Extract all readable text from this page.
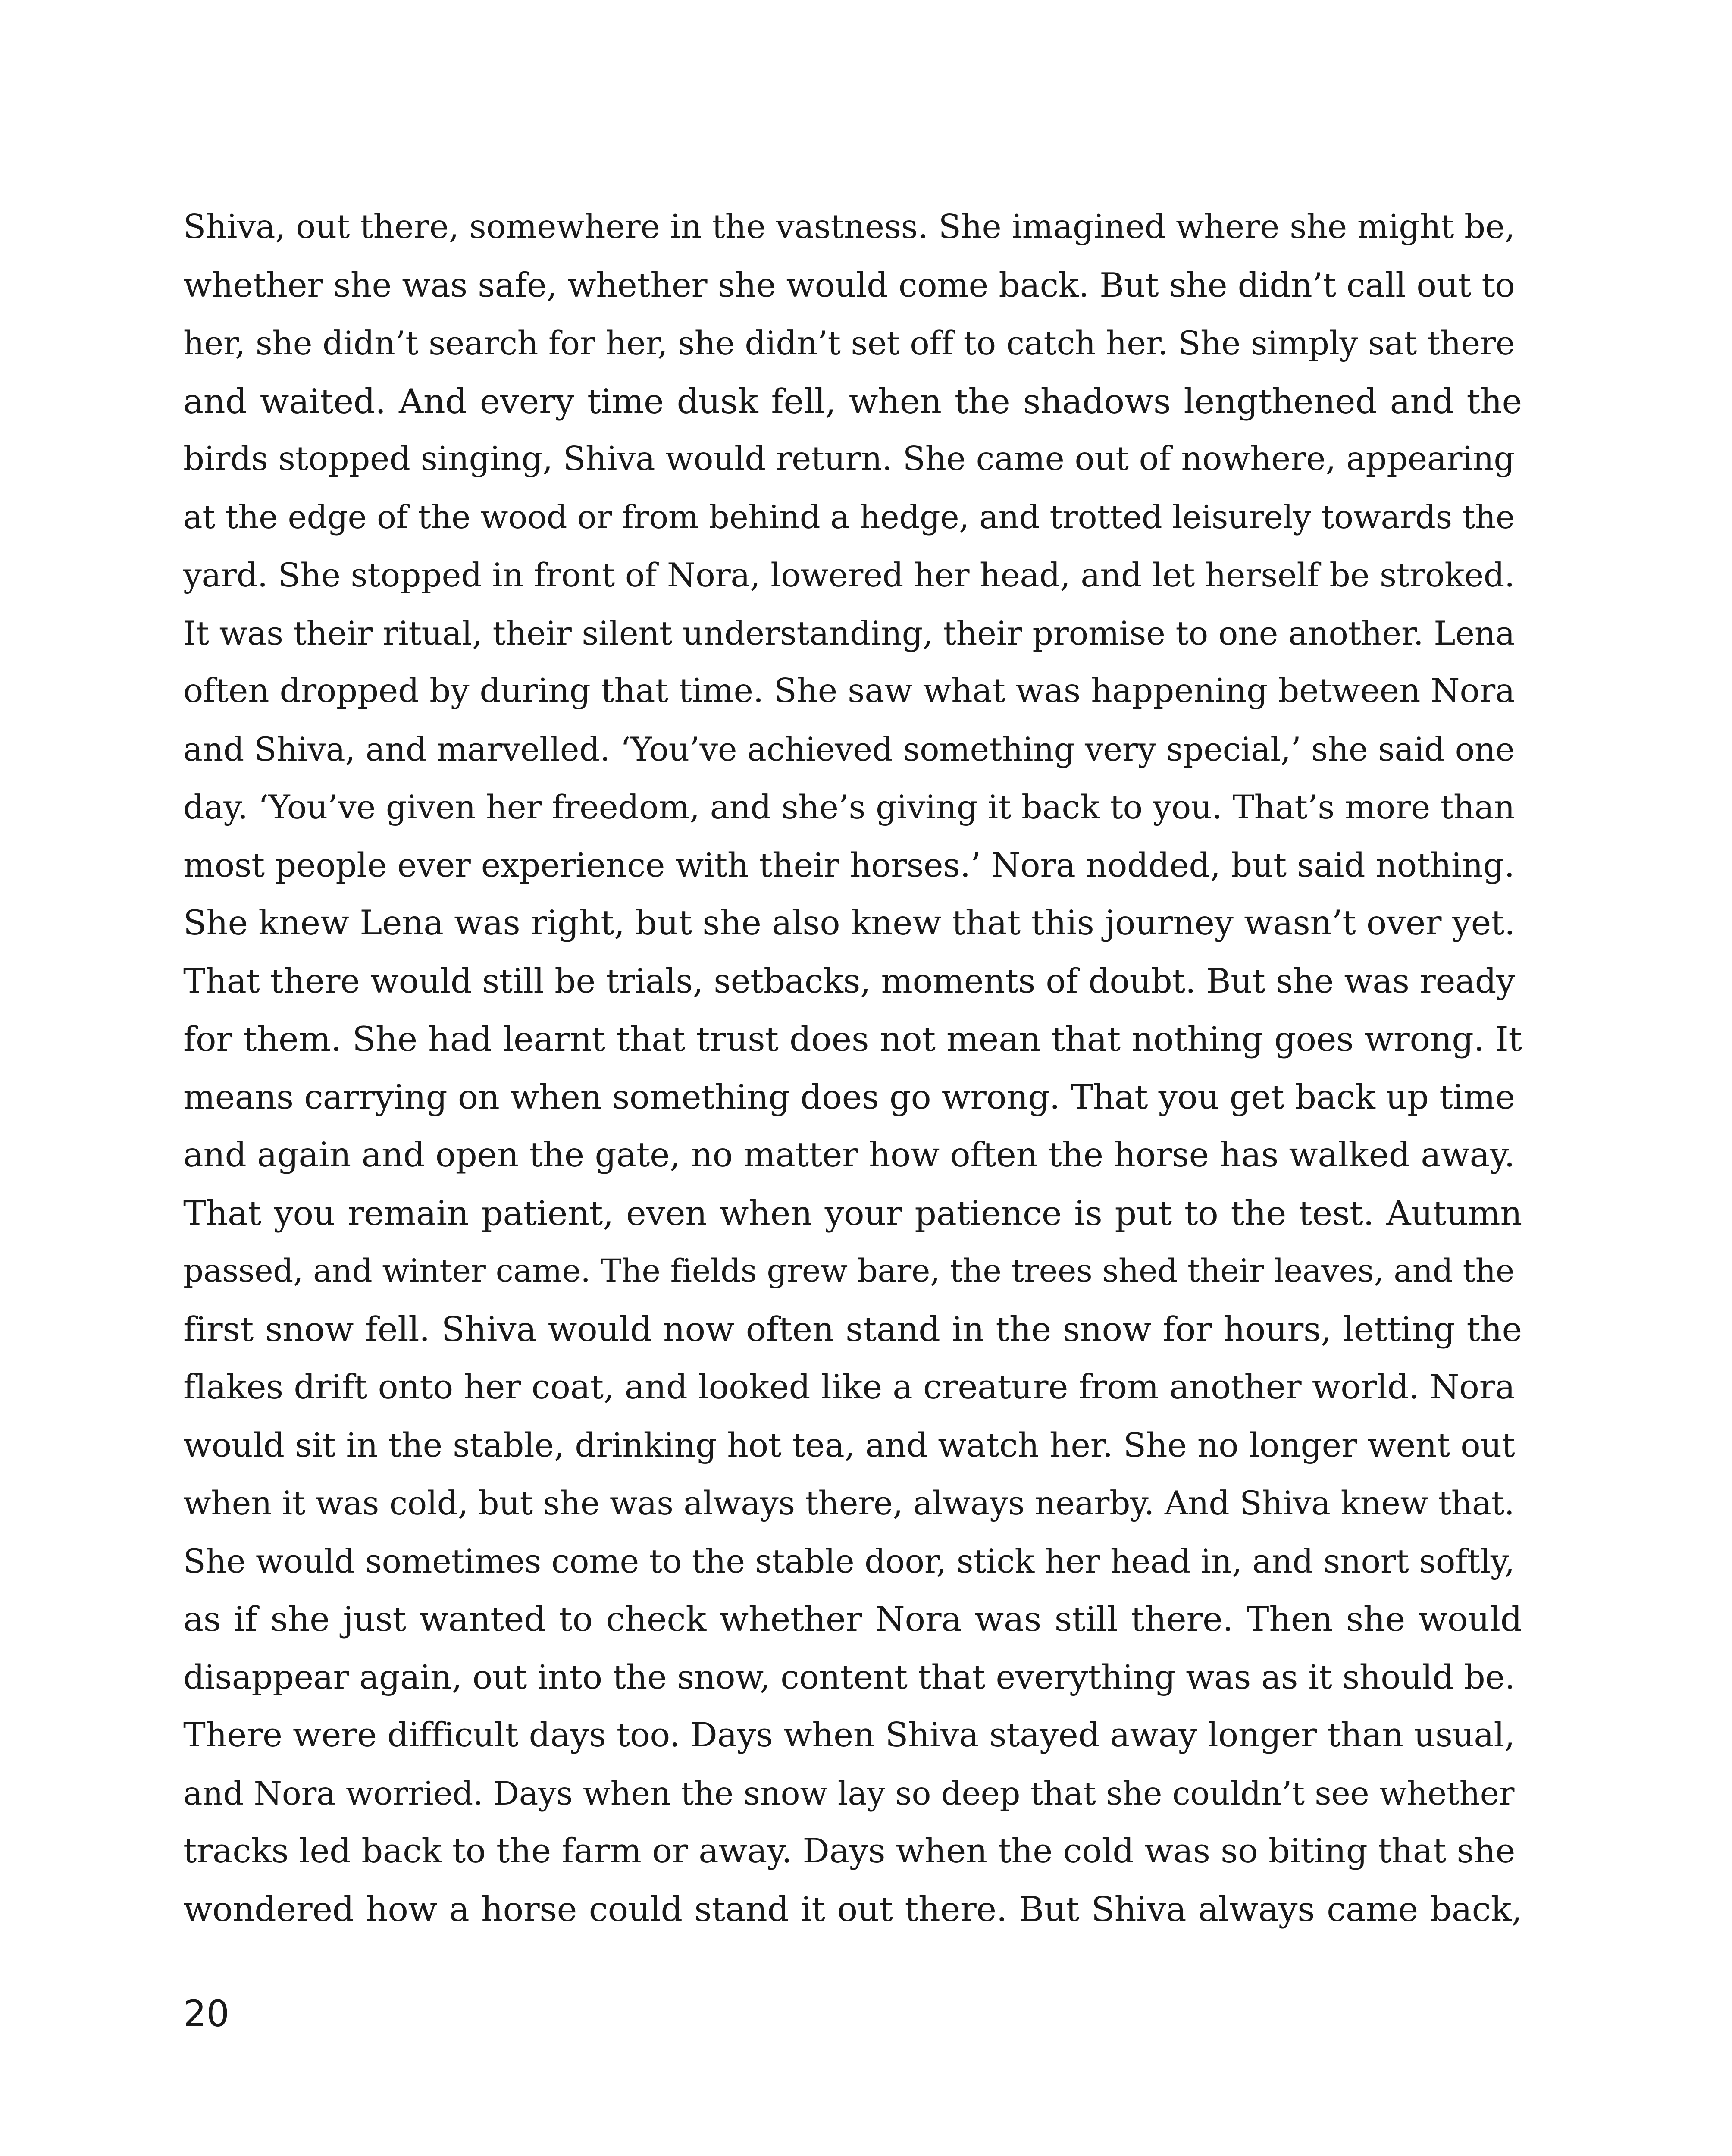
Shiva, out there, somewhere in the vastness. She imagined where she might be,
whether she was safe, whether she would come back. But she didn’t call out to
her, she didn’t search for her, she didn’t set off to catch her. She simply sat there
and waited. And every time dusk fell, when the shadows lengthened and the
birds stopped singing, Shiva would return. She came out of nowhere, appearing
at the edge of the wood or from behind a hedge, and trotted leisurely towards the
yard. She stopped in front of Nora, lowered her head, and let herself be stroked.
It was their ritual, their silent understanding, their promise to one another. Lena
often dropped by during that time. She saw what was happening between Nora
and Shiva, and marvelled. ‘You’ve achieved something very special,’ she said one
day. ‘You’ve given her freedom, and she’s giving it back to you. That’s more than
most people ever experience with their horses.’ Nora nodded, but said nothing.
She knew Lena was right, but she also knew that this journey wasn’t over yet.
That there would still be trials, setbacks, moments of doubt. But she was ready
for them. She had learnt that trust does not mean that nothing goes wrong. It
means carrying on when something does go wrong. That you get back up time
and again and open the gate, no matter how often the horse has walked away.
That you remain patient, even when your patience is put to the test. Autumn
passed, and winter came. The fields grew bare, the trees shed their leaves, and the
first snow fell. Shiva would now often stand in the snow for hours, letting the
flakes drift onto her coat, and looked like a creature from another world. Nora
would sit in the stable, drinking hot tea, and watch her. She no longer went out
when it was cold, but she was always there, always nearby. And Shiva knew that.
She would sometimes come to the stable door, stick her head in, and snort softly,
as if she just wanted to check whether Nora was still there. Then she would
disappear again, out into the snow, content that everything was as it should be.
There were difficult days too. Days when Shiva stayed away longer than usual,
and Nora worried. Days when the snow lay so deep that she couldn’t see whether
tracks led back to the farm or away. Days when the cold was so biting that she
wondered how a horse could stand it out there. But Shiva always came back,
20
